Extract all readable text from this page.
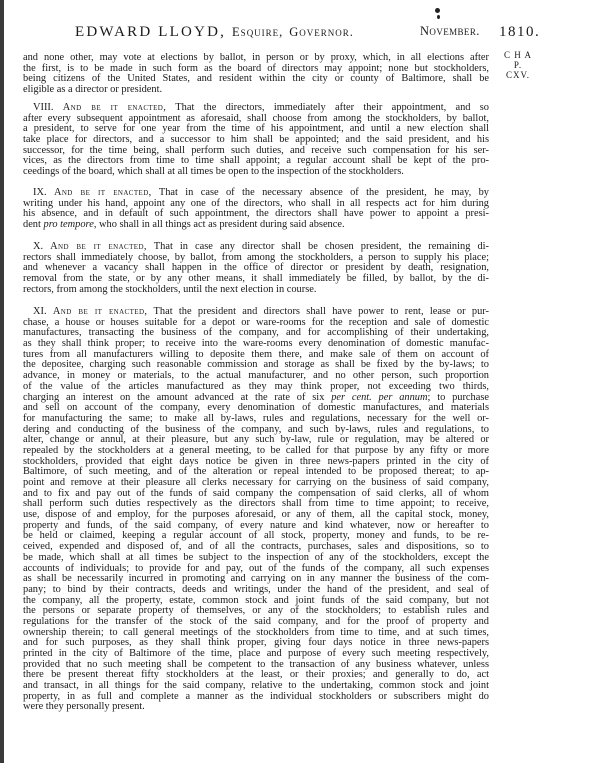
EDWARD LLOYD, Esquire, Governor.	November. 1810.
C H A P.
CXV.
and none other, may vote at elections by ballot, in person or by proxy, which, in all elections after
the first, is to be made in such form as the board of directors may appoint; none but stockholders,
being citizens of the United States, and resident within the city or county of Baltimore, shall be
eligible as a director or president.
VIII. And be it enacted, That the directors, immediately after their appointment, and so
after every subsequent appointment as aforesaid, shall choose from among the stockholders, by ballot,
a president, to serve for one year from the time of his appointment, and until a new election shall
take place for directors, and a successor to him shall be appointed; and the said president, and his
successor, for the time being, shall perform such duties, and receive such compensation for his ser-
vices, as the directors from time to time shall appoint; a regular account shall be kept of the pro-
ceedings of the board, which shall at all times be open to the inspection of the stockholders.
IX. And be it enacted, That in case of the necessary absence of the president, he may, by
writing under his hand, appoint any one of the directors, who shall in all respects act for him during
his absence, and in default of such appointment, the directors shall have power to appoint a presi-
dent pro tempore, who shall in all things act as president during said absence.
X. And be it enacted, That in case any director shall be chosen president, the remaining di-
rectors shall immediately choose, by ballot, from among the stockholders, a person to supply his place;
and whenever a vacancy shall happen in the office of director or president by death, resignation,
removal from the state, or by any other means, it shall immediately be filled, by ballot, by the di-
rectors, from among the stockholders, until the next election in course.
XI. And be it enacted, That the president and directors shall have power to rent, lease or pur-
chase, a house or houses suitable for a depot or ware-rooms for the reception and sale of domestic
manufactures, transacting the business of the company, and for accomplishing of their undertaking,
as they shall think proper; to receive into the ware-rooms every denomination of domestic manufac-
tures from all manufacturers willing to deposite them there, and make sale of them on account of
the depositee, charging such reasonable commission and storage as shall be fixed by the by-laws; to
advance, in money or materials, to the actual manufacturer, and no other person, such proportion
of the value of the articles manufactured as they may think proper, not exceeding two thirds,
charging an interest on the amount advanced at the rate of six per cent. per annum; to purchase
and sell on account of the company, every denomination of domestic manufactures, and materials
for manufacturing the same; to make all by-laws, rules and regulations, necessary for the well or-
dering and conducting of the business of the company, and such by-laws, rules and regulations, to
alter, change or annul, at their pleasure, but any such by-law, rule or regulation, may be altered or
repealed by the stockholders at a general meeting, to be called for that purpose by any fifty or more
stockholders, provided that eight days notice be given in three news-papers printed in the city of
Baltimore, of such meeting, and of the alteration or repeal intended to be proposed thereat; to ap-
point and remove at their pleasure all clerks necessary for carrying on the business of said company,
and to fix and pay out of the funds of said company the compensation of said clerks, all of whom
shall perform such duties respectively as the directors shall from time to time appoint; to receive,
use, dispose of and employ, for the purposes aforesaid, or any of them, all the capital stock, money,
property and funds, of the said company, of every nature and kind whatever, now or hereafter to
be held or claimed, keeping a regular account of all stock, property, money and funds, to be re-
ceived, expended and disposed of, and of all the contracts, purchases, sales and dispositions, so to
be made, which shall at all times be subject to the inspection of any of the stockholders, except the
accounts of individuals; to provide for and pay, out of the funds of the company, all such expenses
as shall be necessarily incurred in promoting and carrying on in any manner the business of the com-
pany; to bind by their contracts, deeds and writings, under the hand of the president, and seal of
the company, all the property, estate, common stock and joint funds of the said company, but not
the persons or separate property of themselves, or any of the stockholders; to establish rules and
regulations for the transfer of the stock of the said company, and for the proof of property and
ownership therein; to call general meetings of the stockholders from time to time, and at such times,
and for such purposes, as they shall think proper, giving four days notice in three news-papers
printed in the city of Baltimore of the time, place and purpose of every such meeting respectively,
provided that no such meeting shall be competent to the transaction of any business whatever, unless
there be present thereat fifty stockholders at the least, or their proxies; and generally to do, act
and transact, in all things for the said company, relative to the undertaking, common stock and joint
property, in as full and complete a manner as the individual stockholders or subscribers might do
were they personally present.
